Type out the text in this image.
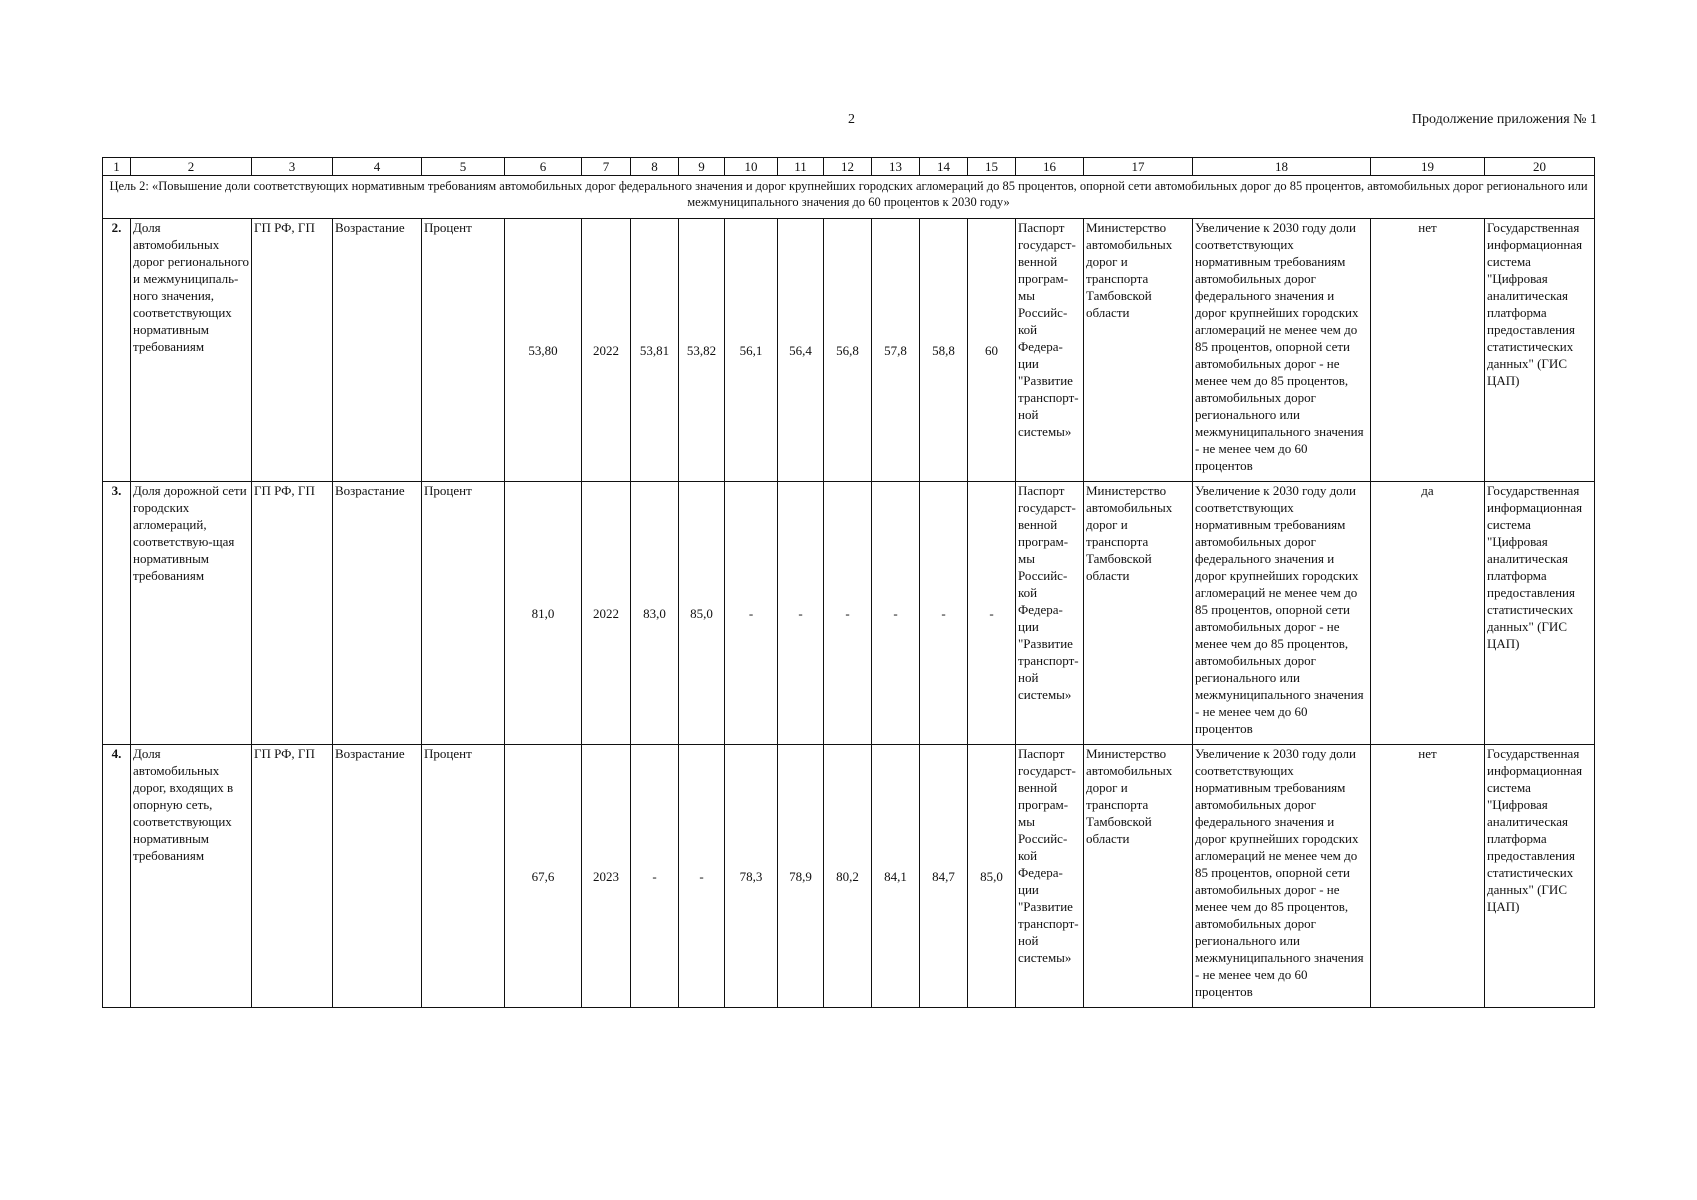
2	Продолжение приложения № 1
1	2	3	4	5	6	7	8	9	10	11	12	13	14	15	16	17	18	19	20
Цель 2: «Повышение доли соответствующих нормативным требованиям автомобильных дорог федерального значения и дорог крупнейших городских агломераций до 85 процентов, опорной сети автомобильных дорог до 85 процентов, автомобильных дорог регионального или межмуниципального значения до 60 процентов к 2030 году»																			
2.	Доля автомобильных дорог регионального и межмуниципаль-ного значения, соответствующих нормативным требованиям	ГП РФ, ГП	Возрастание	Процент	53,80	2022	53,81	53,82	56,1	56,4	56,8	57,8	58,8	60	Паспорт государст-венной програм-мы Российс-кой Федера-ции "Развитие транспорт-ной системы»	Министерство автомобильных дорог и транспорта Тамбовской области	Увеличение к 2030 году доли соответствующих нормативным требованиям автомобильных дорог федерального значения и дорог крупнейших городских агломераций не менее чем до 85 процентов, опорной сети автомобильных дорог - не менее чем до 85 процентов, автомобильных дорог регионального или межмуниципального значения - не менее чем до 60 процентов	нет	Государственная информационная система "Цифровая аналитическая платформа предоставления статистических данных" (ГИС ЦАП)
3.	Доля дорожной сети городских агломераций, соответствую-щая нормативным требованиям	ГП РФ, ГП	Возрастание	Процент	81,0	2022	83,0	85,0	-	-	-	-	-	-	Паспорт государст-венной програм-мы Российс-кой Федера-ции "Развитие транспорт-ной системы»	Министерство автомобильных дорог и транспорта Тамбовской области	Увеличение к 2030 году доли соответствующих нормативным требованиям автомобильных дорог федерального значения и дорог крупнейших городских агломераций не менее чем до 85 процентов, опорной сети автомобильных дорог - не менее чем до 85 процентов, автомобильных дорог регионального или межмуниципального значения - не менее чем до 60 процентов	да	Государственная информационная система "Цифровая аналитическая платформа предоставления статистических данных" (ГИС ЦАП)
4.	Доля автомобильных дорог, входящих в опорную сеть, соответствующих нормативным требованиям	ГП РФ, ГП	Возрастание	Процент	67,6	2023	-	-	78,3	78,9	80,2	84,1	84,7	85,0	Паспорт государст-венной програм-мы Российс-кой Федера-ции "Развитие транспорт-ной системы»	Министерство автомобильных дорог и транспорта Тамбовской области	Увеличение к 2030 году доли соответствующих нормативным требованиям автомобильных дорог федерального значения и дорог крупнейших городских агломераций не менее чем до 85 процентов, опорной сети автомобильных дорог - не менее чем до 85 процентов, автомобильных дорог регионального или межмуниципального значения - не менее чем до 60 процентов	нет	Государственная информационная система "Цифровая аналитическая платформа предоставления статистических данных" (ГИС ЦАП)
